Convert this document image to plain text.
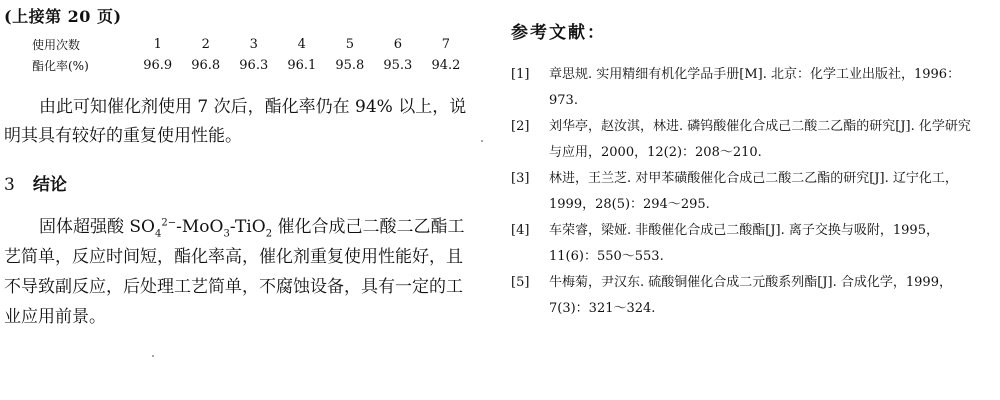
(上接第 20 页)
使用次数	1	2	3	4	5	6	7
酯化率(%)	96.9	96.8	96.3	96.1	95.8	95.3	94.2

由此可知催化剂使用 7 次后，酯化率仍在 94% 以上，说明其具有较好的重复使用性能。

3 结论

固体超强酸 $SO_4^{2-}-MoO_3-TiO_2$ 催化合成己二酸二乙酯工艺简单，反应时间短，酯化率高，催化剂重复使用性能好，且不导致副反应，后处理工艺简单，不腐蚀设备，具有一定的工业应用前景。

参考文献：
[1] 章思规. 实用精细有机化学品手册[M]. 北京：化学工业出版社，1996：973.
[2] 刘华亭，赵汝淇，林进. 磷钨酸催化合成己二酸二乙酯的研究[J]. 化学研究与应用，2000，12(2)：208～210.
[3] 林进，王兰芝. 对甲苯磺酸催化合成己二酸二乙酯的研究[J]. 辽宁化工，1999，28(5)：294～295.
[4] 车荣睿，梁娅. 非酸催化合成己二酸酯[J]. 离子交换与吸附，1995，11(6)：550～553.
[5] 牛梅菊，尹汉东. 硫酸铜催化合成二元酸系列酯[J]. 合成化学，1999，7(3)：321～324.
